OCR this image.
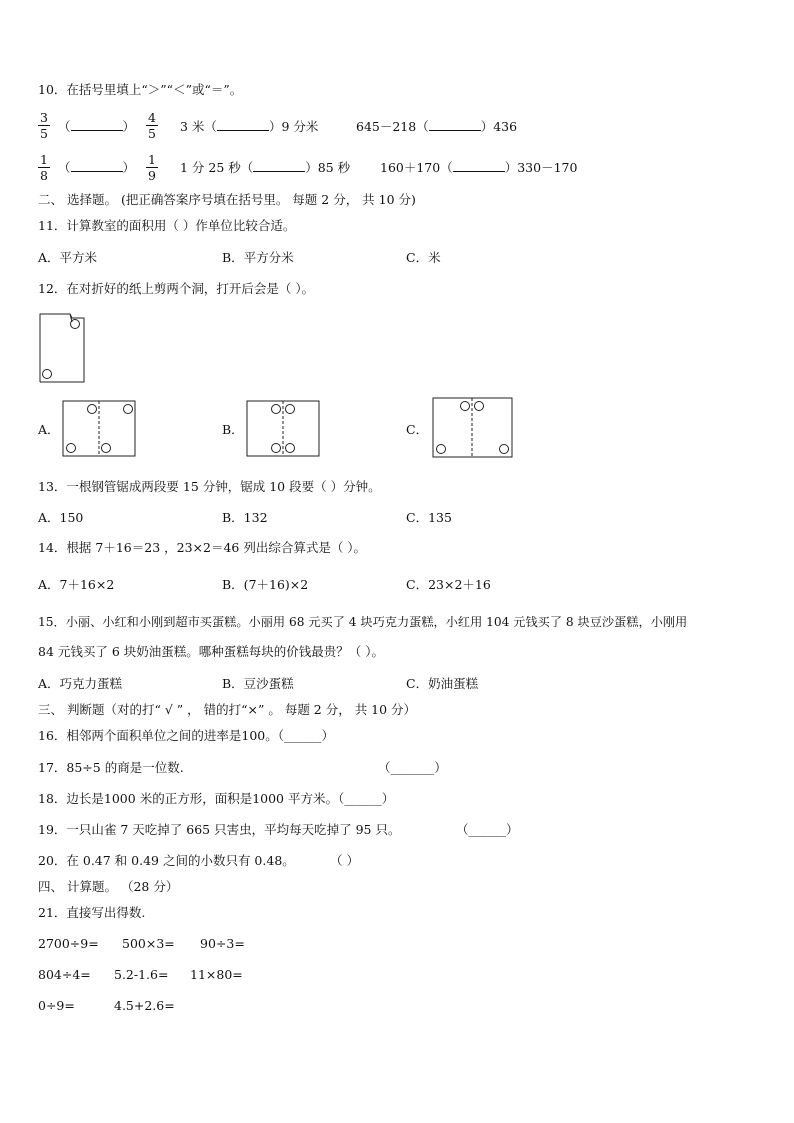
10．在括号里填上“＞”“＜”或“＝”。
$\frac{3}{5}$ （	） $\frac{4}{5} 3$ 米（	）9 分米	645－218（	）436
$\frac{1}{8}$ （	） $\frac{1}{9} 1$ 分 25 秒（	）85 秒 160＋170（	）330－170
二、 选择题。 (把正确答案序号填在括号里。 每题 2 分， 共 10 分)
11．计算教室的面积用（ ）作单位比较合适。
A．平方米	B．平方分米	C．米
12．在对折好的纸上剪两个洞，打开后会是（ ）。
A．	B．	C．
13．一根钢管锯成两段要 15 分钟，锯成 10 段要（ ）分钟。
A．150	B．132	C．135
14．根据 7＋16＝23 ，23×2＝46 列出综合算式是（ ）。
A．7＋16×2	B．(7＋16)×2	C．23×2＋16
15．小丽、小红和小刚到超市买蛋糕。小丽用 68 元买了 4 块巧克力蛋糕，小红用 104 元钱买了 8 块豆沙蛋糕，小刚用
84 元钱买了 6 块奶油蛋糕。哪种蛋糕每块的价钱最贵？（ ）。
A．巧克力蛋糕	B．豆沙蛋糕	C．奶油蛋糕
三、 判断题（对的打“ √ ” ， 错的打“×” 。 每题 2 分， 共 10 分）
16．相邻两个面积单位之间的进率是100。（______）
17．85÷5 的商是一位数.	（_______）
18．边长是1000 米的正方形，面积是1000 平方米。（______）
19．一只山雀 7 天吃掉了 665 只害虫，平均每天吃掉了 95 只。	（______）
20．在 0.47 和 0.49 之间的小数只有 0.48。	（ ）
四、 计算题。 （28 分）
21．直接写出得数.
2700÷9= 500×3= 90÷3=
804÷4= 5.2-1.6= 11×80=
0÷9=	4.5+2.6=
